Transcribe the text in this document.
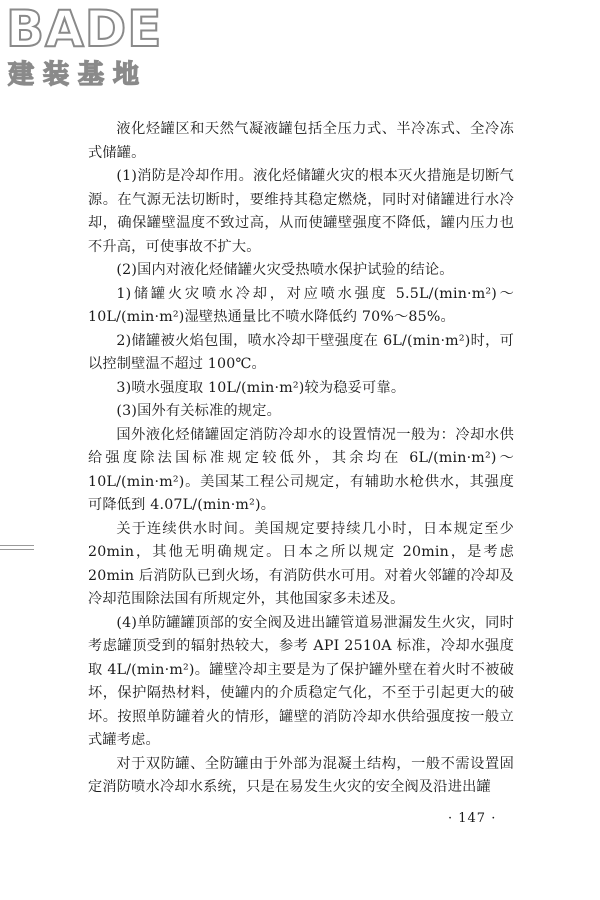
BADE
建装基地

液化烃罐区和天然气凝液罐包括全压力式、半冷冻式、全冷冻式储罐。

(1)消防是冷却作用。液化烃储罐火灾的根本灭火措施是切断气源。在气源无法切断时，要维持其稳定燃烧，同时对储罐进行水冷却，确保罐壁温度不致过高，从而使罐壁强度不降低，罐内压力也不升高，可使事故不扩大。

(2)国内对液化烃储罐火灾受热喷水保护试验的结论。

1)储罐火灾喷水冷却，对应喷水强度 5.5L/(min·m²)～10L/(min·m²)湿壁热通量比不喷水降低约 70%～85%。

2)储罐被火焰包围，喷水冷却干壁强度在 6L/(min·m²)时，可以控制壁温不超过 100℃。

3)喷水强度取 10L/(min·m²)较为稳妥可靠。

(3)国外有关标准的规定。

国外液化烃储罐固定消防冷却水的设置情况一般为：冷却水供给强度除法国标准规定较低外，其余均在 6L/(min·m²)～10L/(min·m²)。美国某工程公司规定，有辅助水枪供水，其强度可降低到 4.07L/(min·m²)。

关于连续供水时间。美国规定要持续几小时，日本规定至少 20min，其他无明确规定。日本之所以规定 20min，是考虑 20min 后消防队已到火场，有消防供水可用。对着火邻罐的冷却及冷却范围除法国有所规定外，其他国家多未述及。

(4)单防罐罐顶部的安全阀及进出罐管道易泄漏发生火灾，同时考虑罐顶受到的辐射热较大，参考 API 2510A 标准，冷却水强度取 4L/(min·m²)。罐壁冷却主要是为了保护罐外壁在着火时不被破坏，保护隔热材料，使罐内的介质稳定气化，不至于引起更大的破坏。按照单防罐着火的情形，罐壁的消防冷却水供给强度按一般立式罐考虑。

对于双防罐、全防罐由于外部为混凝土结构，一般不需设置固定消防喷水冷却水系统，只是在易发生火灾的安全阀及沿进出罐

· 147 ·
